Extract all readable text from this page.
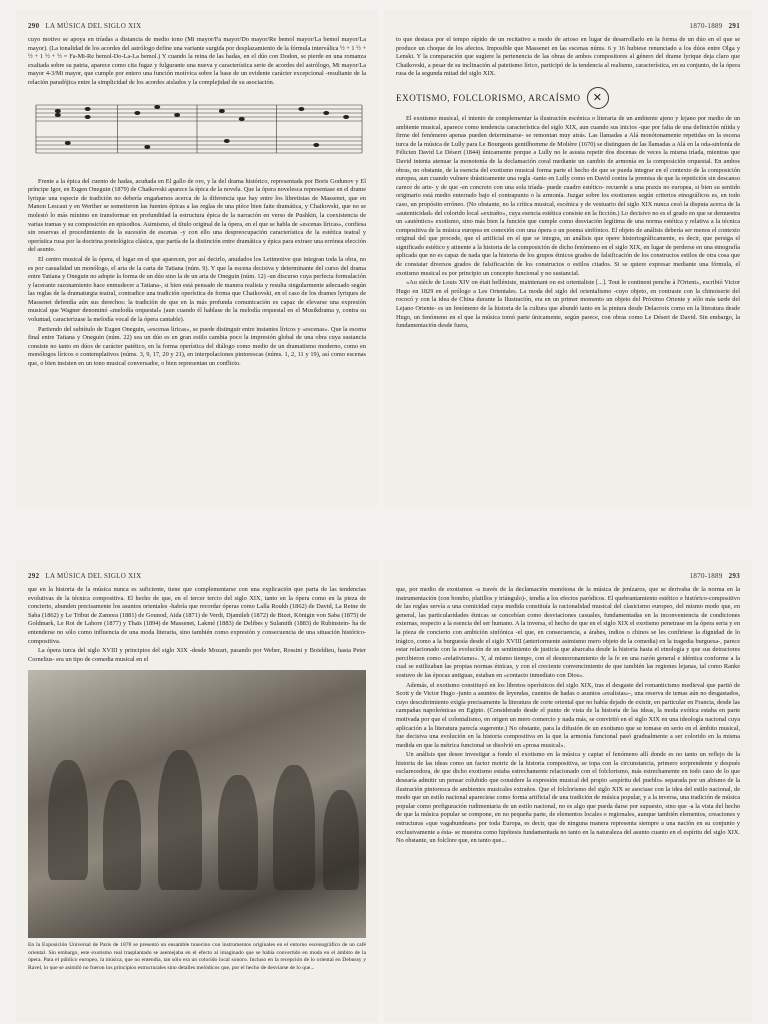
290 LA MÚSICA DEL SIGLO XIX

cuyo motivo se apoya en tríadas a distancia de medio tono (Mi mayor/Fa mayor/Do mayor/Re bemol mayor/La bemol mayor/La mayor). (La tonalidad de los acordes del astrólogo define una variante surgida por desplazamiento de la fórmula interválica ½ + 1 ½ + ½ + 1 ½ + ½ = Fa-Mi-Re bemol-Do-La-La bemol.) Y cuando la reina de las hadas, en el dúo con Dodon, se pierde en una romanza exaltada sobre su patria, aparece como cita fugaz y fulgurante una nueva y característica serie de acordes del astrólogo, Mi mayor/La mayor 4-3/Mi mayor, que cumple por entero una función motívica sobre la base de un evidente carácter excepcional -resultante de la relación paradójica entre la simplicidad de los acordes aislados y la complejidad de su asociación.

Frente a la épica del cuento de hadas, acuñada en El gallo de oro, y la del drama histórico, representada por Boris Godunov y El príncipe Igor, en Eugen Oneguin (1879) de Chaikovski aparece la épica de la novela. Que la ópera novelesca representase en el drame lyrique una especie de tradición no debería engañarnos acerca de la diferencia que hay entre los libretistas de Massenet, que en Manon Lescaut y en Werther se sometieron las fuentes épicas a las reglas de una pièce bien faite dramática, y Chaikovski, que no se molestó lo más mínimo en transformar en profundidad la estructura épica de la narración en verso de Pushkin, la coexistencia de varias tramas y su composición en episodios. Asimismo, el título original de la ópera, en el que se habla de «escenas líricas», confiesa sin reservas el procedimiento de la sucesión de escenas -y con ello una despreocupación característica de la estética teatral y operística rusa por la doctrina poetológica clásica, que partía de la distinción entre dramática y épica para extraer una errónea elección del asunto.

El centro musical de la ópera, el lugar en el que aparecen, por así decirlo, anudados los Leitmotive que integran toda la obra, no es por casualidad un monólogo, el aria de la carta de Tatiana (núm. 9). Y que la escena decisiva y determinante del curso del drama entre Tatiana y Oneguin no adopte la forma de un dúo sino la de un aria de Oneguin (núm. 12) -un discurso cuya perfecta formulación y lacerante razonamiento hace enmudecer a Tatiana-, si bien está pensado de manera realista y resulta singularmente adecuado según las reglas de la dramaturgia teatral, contradice una tradición operística de forma que Chaikovski, en el caso de los drames lyriques de Massenet defendía aún sus derechos: la tradición de que en la más profunda comunicación es capaz de elevarse una expresión musical que Wagner denominó «melodía orquestal» (aun cuando él hablase de la melodía orquestal en el Musikdrama y, contra su voluntad, caracterizase la melodía vocal de la ópera cantable).

Partiendo del subtítulo de Eugen Oneguin, «escenas líricas», se puede distinguir entre instantes líricos y «escenas». Que la escena final entre Tatiana y Oneguin (núm. 22) sea un dúo es en gran estilo cambia poco la impresión global de una obra cuya sustancia consiste no tanto en dúos de carácter patético, en la forma operística del diálogo como medio de un dramatismo moderno, como en monólogos líricos o contemplativos (núms. 3, 9, 17, 20 y 21), en interpolaciones pintorescas (núms. 1, 2, 11 y 19), así como escenas que, o bien insisten en un tono musical conversador, o bien representan un conflicto.

1870-1889 291

to que destaca por el tempo rápido de un recitativo a modo de arioso en lugar de desarrollarlo en la forma de un dúo en el que se produce un choque de los afectos. Imposible que Massenet en las escenas núms. 6 y 16 hubiese renunciado a los dúos entre Olga y Lenski. Y la comparación que sugiere la pertenencia de las obras de ambos compositores al género del drame lyrique deja claro que Chaikovski, a pesar de su inclinación al patetismo lírico, participó de la tendencia al realismo, característica, en su conjunto, de la ópera rusa de la segunda mitad del siglo XIX.

EXOTISMO, FOLCLORISMO, ARCAÍSMO	✕

El exotismo musical, el intento de complementar la ilustración escénica o literaria de un ambiente ajeno y lejano por medio de un ambiente musical, aparece como tendencia característica del siglo XIX, aun cuando sus inicios -que por falta de una definición nítida y firme del fenómeno apenas pueden determinarse- se remontan muy atrás. Las llamadas a Alá monótonamente repetidas en la escena turca de la música de Lully para Le Bourgeois gentilhomme de Molière (1670) se distinguen de las llamadas a Alá en la oda-sinfonía de Félicien David Le Désert (1844) únicamente porque a Lully no le asusta repetir dos docenas de veces la misma tríada, mientras que David intenta atenuar la monotonía de la declamación coral mediante un cambio de armonía en la composición orquestal. En ambos obras, no obstante, de la esencia del exotismo musical forma parte el hecho de que se pueda integrar en el contexto de la composición europea, aun cuando vulnere drásticamente una regla -tanto en Lully como en David contra la premisa de que la repetición sin descanso carece de arte- y de que -en concreto con una sola tríada- puede cuadro estético- recuerde a una praxis no europea, si bien su sentido originario está medio enterrado bajo el contrapunto o la armonía. Juzgar sobre los exotismos según criterios etnográficos es, en todo caso, un propósito erróneo. (No obstante, no la crítica musical, escénica y de vestuario del siglo XIX nunca cesó la disputa acerca de la «autenticidad» del colorido local «extraño», cuya esencia estética consiste en la ficción.) Lo decisivo no es el grado en que se demuestra un «auténtico» exotismo, sino más bien la función que cumple como desviación legítima de una norma estética y relativa a la técnica compositiva de la música europea en conexión con una ópera o un poema sinfónico. El objeto de análisis debería ser menos el contexto original del que procede, que el artificial en el que se integra, un análisis que opere historiográficamente, es decir, que persiga el significado estético y atinente a la historia de la composición de dicho fenómeno en el siglo XIX, en lugar de perderse en una etnografía aplicada que no es capaz de nada que la historia de los grupos étnicos grados de falsificación de los constructos estilos de otra cosa que de constatar diversos grados de falsificación de los constructos o estilos citados. Si se quiere expresar mediante una fórmula, el exotismo musical es por principio un concepto funcional y no sustancial.

«Au siècle de Louis XIV on était helléniste, maintenant on est orientaliste [...]. Tout le continent penche à l'Orient», escribió Victor Hugo en 1829 en el prólogo a Les Orientales. La moda del siglo del orientalismo -cuyo objeto, en contraste con la chinoiserie del rococó y con la idea de China durante la Ilustración, era en un primer momento un objeto del Próximo Oriente y sólo más tarde del Lejano Oriente- es un fenómeno de la historia de la cultura que abundó tanto en la pintura desde Delacroix como en la literatura desde Hugo, un fenómeno en el que la música tomó parte únicamente, según parece, con obras como Le Désert de David. Sin embargo, la fundamentación desde fuera,

292 LA MÚSICA DEL SIGLO XIX

que en la historia de la música nunca es suficiente, tiene que complementarse con una explicación que parta de las tendencias evolutivas de la técnica compositiva. El hecho de que, en el tercer tercio del siglo XIX, tanto en la ópera como en la pieza de concierto, abunden precisamente los asuntos orientales -habría que recordar óperas como Lalla Roukh (1862) de David, La Reine de Saba (1862) y Le Tribut de Zamora (1881) de Gounod, Aida (1871) de Verdi, Djamileh (1872) de Bizet, Königin von Saba (1875) de Goldmark, Le Roi de Lahore (1877) y Thaïs (1894) de Massenet, Lakmé (1883) de Delibes y Sulamith (1883) de Rubinstein- ha de entenderse no sólo como influencia de una moda literaria, sino también como expresión y consecuencia de una situación histórico-compositiva.

La ópera turca del siglo XVIII y principios del siglo XIX -desde Mozart, pasando por Weber, Rossini y Boieldieu, hasta Peter Cornelius- era un tipo de comedia musical en el

En la Exposición Universal de París de 1878 se presentó un ensamble tunecino con instrumentos originales en el entorno escenográfico de un café oriental. Sin embargo, este exotismo real trasplantado se asemejaba en el efecto al imaginado que se había convertido en moda en el ámbito de la ópera. Para el público europeo, la música, que no entendía, tan sólo era un colorido local sonoro. Incluso en la recepción de lo oriental en Debussy y Ravel, lo que se asimiló no fueron los principios estructurales sino detalles melódicos que, por el hecho de desviarse de lo que...

1870-1889 293

que, por medio de exotismos -a través de la declamación monótona de la música de jenízaros, que se derivaba de la norma en la instrumentación (con bombo, platillos y triángulo)-, tendía a los efectos paródicos. El quebrantamiento estético e histórico-compositivo de las reglas servía a una comicidad cuya medida constituía la racionalidad musical del clasicismo europeo, del mismo modo que, en general, las particularidades étnicas se concebían como desviaciones casuales, fundamentadas en la inconveniencia de condiciones externas, respecto a la esencia del ser humano. A la inversa, el hecho de que en el siglo XIX el exotismo penetrase en la ópera seria y en la pieza de concierto con ambición sinfónica -el que, en consecuencia, a árabes, indios o chinos se les confiriese la dignidad de lo trágico, como a la burguesía desde el siglo XVIII (anteriormente asimismo mero objeto de la comedia) en la tragedia burguesa-, parece estar relacionado con la evolución de un sentimiento de justicia que abarcaba desde la historia hasta el etnología y que sus detractores percibieron como «relativismo». Y, al mismo tiempo, con el desmoronamiento de la fe en una razón general e idéntica conforme a la cual se estilizaban las propias normas étnicas, y con el creciente convencimiento de que también las regiones lejanas, tal como Ranke sostuvo de las épocas antiguas, estaban en «contacto inmediato con Dios».

Además, el exotismo constituyó en los libretos operísticos del siglo XIX, tras el desgaste del romanticismo medieval que partió de Scott y de Victor Hugo -junto a asuntos de leyendas, cuentos de hadas o asuntos «realistas»-, una reserva de temas aún no desgastados, cuyo descubrimiento exigía precisamente la literatura de corte oriental que no había dejado de existir, en particular en Francia, desde las campañas napoleónicas en Egipto. (Considerado desde el punto de vista de la historia de las ideas, la moda exótica estaba en parte motivada por que el colonialismo, en origen un mero comercio y nada más, se convirtió en el siglo XIX en una ideología nacional cuya aplicación a la literatura parecía sugerente.) No obstante, para la difusión de un exotismo que se tomase en serio en el ámbito musical, fue decisiva una evolución en la historia compositiva en la que la armonía funcional pasó gradualmente a ser colorido en la misma medida en que la métrica funcional se disolvió en «prosa musical».

Un análisis que desee investigar a fondo el exotismo en la música y captar el fenómeno allí donde es no tanto un reflejo de la historia de las ideas como un factor motriz de la historia compositiva, se topa con la circunstancia, primero sorprendente y después esclarecedora, de que dicho exotismo estaba estrechamente relacionado con el folclorismo, más estrechamente en todo caso de lo que desearía admitir un pensar colubido que considere la expresión musical del propio «espíritu del pueblo» separada por un abismo de la ilustración pintoresca de ambientes musicales extraños. Que el folclorismo del siglo XIX se asociase con la idea del estilo nacional, de modo que un estilo nacional apareciese como forma artificial de una tradición de música popular, y a la inversa, una tradición de música popular como prefiguración rudimentaria de un estilo nacional, no es algo que pueda darse por supuesto, sino que -a la vista del hecho de que la música popular se compone, en no pequeña parte, de elementos locales o regionales, aunque también elementos, creaciones y estructuras «que vagabundean» por toda Europa, es decir, que de ninguna manera representa siempre a una nación en su conjunto y exclusivamente a ésta- se muestra como hipótesis fundamentada no tanto en la naturaleza del asunto cuanto en el espíritu del siglo XIX. No obstante, un folclore que, en tanto que...
